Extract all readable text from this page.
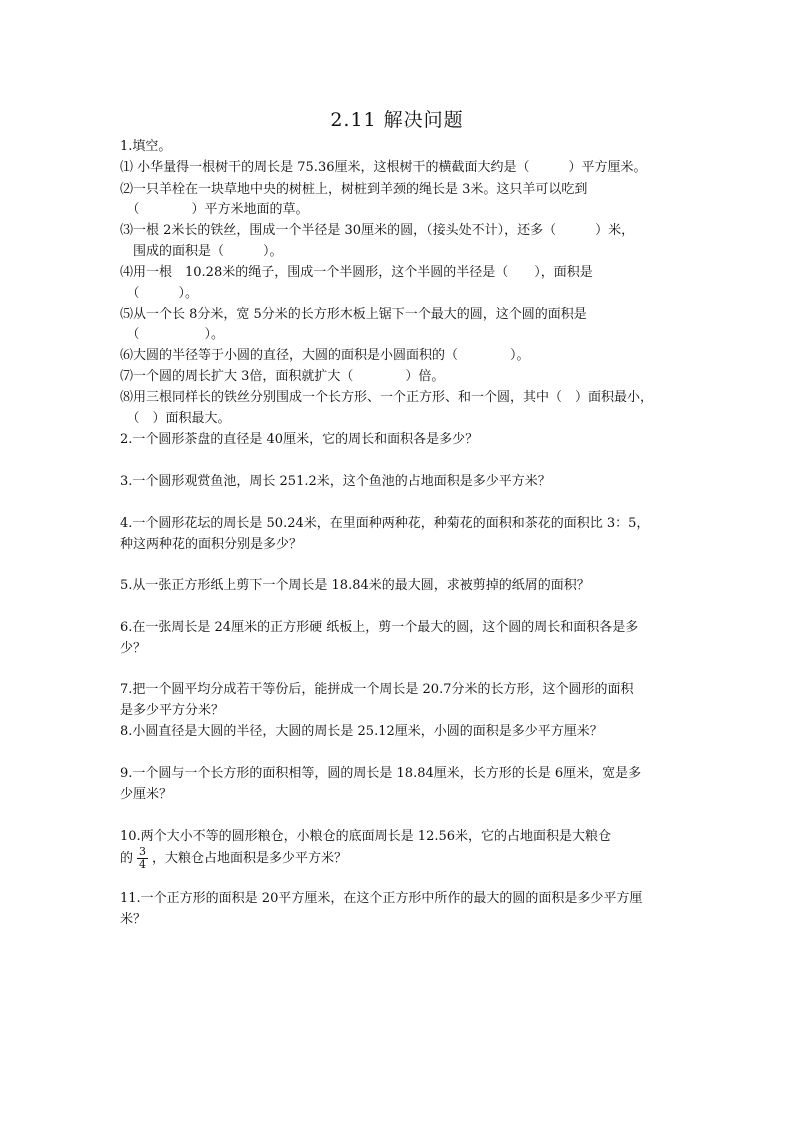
2.11 解决问题
1.填空。
⑴ 小华量得一根树干的周长是 75.36厘米，这根树干的横截面大约是（　　　）平方厘米。
⑵一只羊栓在一块草地中央的树桩上，树桩到羊颈的绳长是 3米。这只羊可以吃到
　（　　　　）平方米地面的草。
⑶一根 2米长的铁丝，围成一个半径是 30厘米的圆，（接头处不计），还多（　　　）米，
　围成的面积是（　　　）。
⑷用一根　10.28米的绳子，围成一个半圆形，这个半圆的半径是（　　），面积是
　（　　　）。
⑸从一个长 8分米，宽 5分米的长方形木板上锯下一个最大的圆，这个圆的面积是
　（　　　　　）。
⑹大圆的半径等于小圆的直径，大圆的面积是小圆面积的（　　　　）。
⑺一个圆的周长扩大 3倍，面积就扩大（　　　　）倍。
⑻用三根同样长的铁丝分别围成一个长方形、一个正方形、和一个圆，其中（　）面积最小，
　（　）面积最大。
2.一个圆形茶盘的直径是 40厘米，它的周长和面积各是多少？
3.一个圆形观赏鱼池，周长 251.2米，这个鱼池的占地面积是多少平方米？
4.一个圆形花坛的周长是 50.24米，在里面种两种花，种菊花的面积和茶花的面积比 3：5，
种这两种花的面积分别是多少？
5.从一张正方形纸上剪下一个周长是 18.84米的最大圆，求被剪掉的纸屑的面积？
6.在一张周长是 24厘米的正方形硬 纸板上，剪一个最大的圆，这个圆的周长和面积各是多
少？
7.把一个圆平均分成若干等份后，能拼成一个周长是 20.7分米的长方形，这个圆形的面积
是多少平方分米？
8.小圆直径是大圆的半径，大圆的周长是 25.12厘米，小圆的面积是多少平方厘米？
9.一个圆与一个长方形的面积相等，圆的周长是 18.84厘米，长方形的长是 6厘米，宽是多
少厘米？
10.两个大小不等的圆形粮仓，小粮仓的底面周长是 12.56米，它的占地面积是大粮仓
的 $\frac{3}{4}$ ，大粮仓占地面积是多少平方米？
11.一个正方形的面积是 20平方厘米，在这个正方形中所作的最大的圆的面积是多少平方厘
米？
